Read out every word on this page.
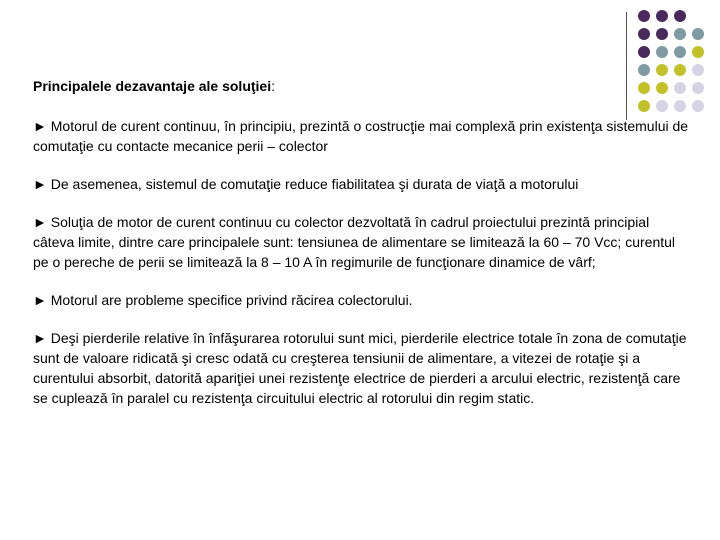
Principalele dezavantaje ale soluţiei:

► Motorul de curent continuu, în principiu, prezintă o costrucţie mai complexă prin existenţa sistemului de comutaţie cu contacte mecanice perii – colector

► De asemenea, sistemul de comutaţie reduce fiabilitatea şi durata de viaţă a motorului

► Soluţia de motor de curent continuu cu colector dezvoltată în cadrul proiectului prezintă principial câteva limite, dintre care principalele sunt: tensiunea de alimentare se limitează la 60 – 70 Vcc; curentul pe o pereche de perii se limitează la 8 – 10 A în regimurile de funcţionare dinamice de vârf;

► Motorul are probleme specifice privind răcirea colectorului.

► Deşi pierderile relative în înfăşurarea rotorului sunt mici, pierderile electrice totale în zona de comutaţie sunt de valoare ridicată şi cresc odată cu creşterea tensiunii de alimentare, a vitezei de rotaţie şi a curentului absorbit, datorită apariţiei unei rezistenţe electrice de pierderi a arcului electric, rezistenţă care se cuplează în paralel cu rezistenţa circuitului electric al rotorului din regim static.
